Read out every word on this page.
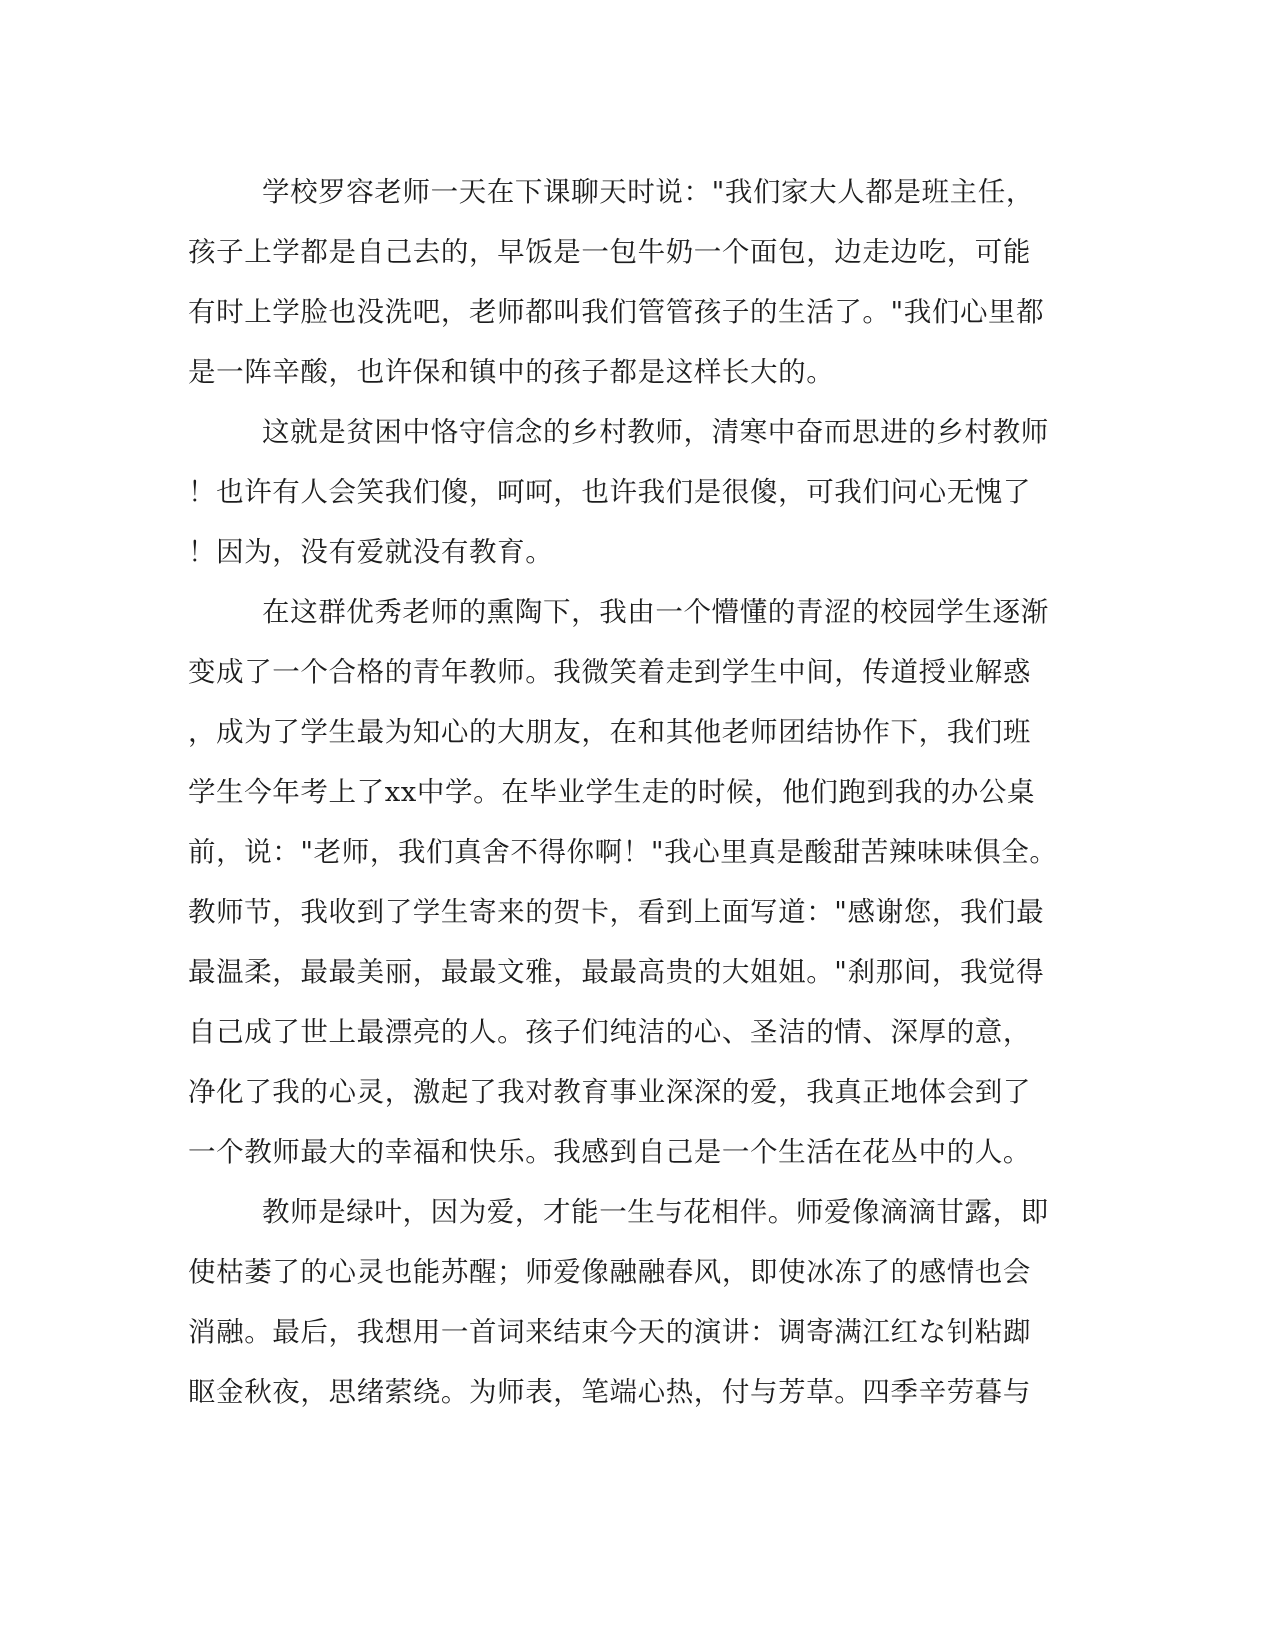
学校罗容老师一天在下课聊天时说："我们家大人都是班主任，
孩子上学都是自己去的，早饭是一包牛奶一个面包，边走边吃，可能
有时上学脸也没洗吧，老师都叫我们管管孩子的生活了。"我们心里都
是一阵辛酸，也许保和镇中的孩子都是这样长大的。
这就是贫困中恪守信念的乡村教师，清寒中奋而思进的乡村教师
！也许有人会笑我们傻，呵呵，也许我们是很傻，可我们问心无愧了
！因为，没有爱就没有教育。
在这群优秀老师的熏陶下，我由一个懵懂的青涩的校园学生逐渐
变成了一个合格的青年教师。我微笑着走到学生中间，传道授业解惑
，成为了学生最为知心的大朋友，在和其他老师团结协作下，我们班
学生今年考上了xx中学。在毕业学生走的时候，他们跑到我的办公桌
前，说："老师，我们真舍不得你啊！"我心里真是酸甜苦辣味味俱全。
教师节，我收到了学生寄来的贺卡，看到上面写道："感谢您，我们最
最温柔，最最美丽，最最文雅，最最高贵的大姐姐。"刹那间，我觉得
自己成了世上最漂亮的人。孩子们纯洁的心、圣洁的情、深厚的意，
净化了我的心灵，激起了我对教育事业深深的爱，我真正地体会到了
一个教师最大的幸福和快乐。我感到自己是一个生活在花丛中的人。
教师是绿叶，因为爱，才能一生与花相伴。师爱像滴滴甘露，即
使枯萎了的心灵也能苏醒；师爱像融融春风，即使冰冻了的感情也会
消融。最后，我想用一首词来结束今天的演讲：调寄满江红な钊粘踋
眍金秋夜，思绪萦绕。为师表，笔端心热，付与芳草。四季辛劳暮与
